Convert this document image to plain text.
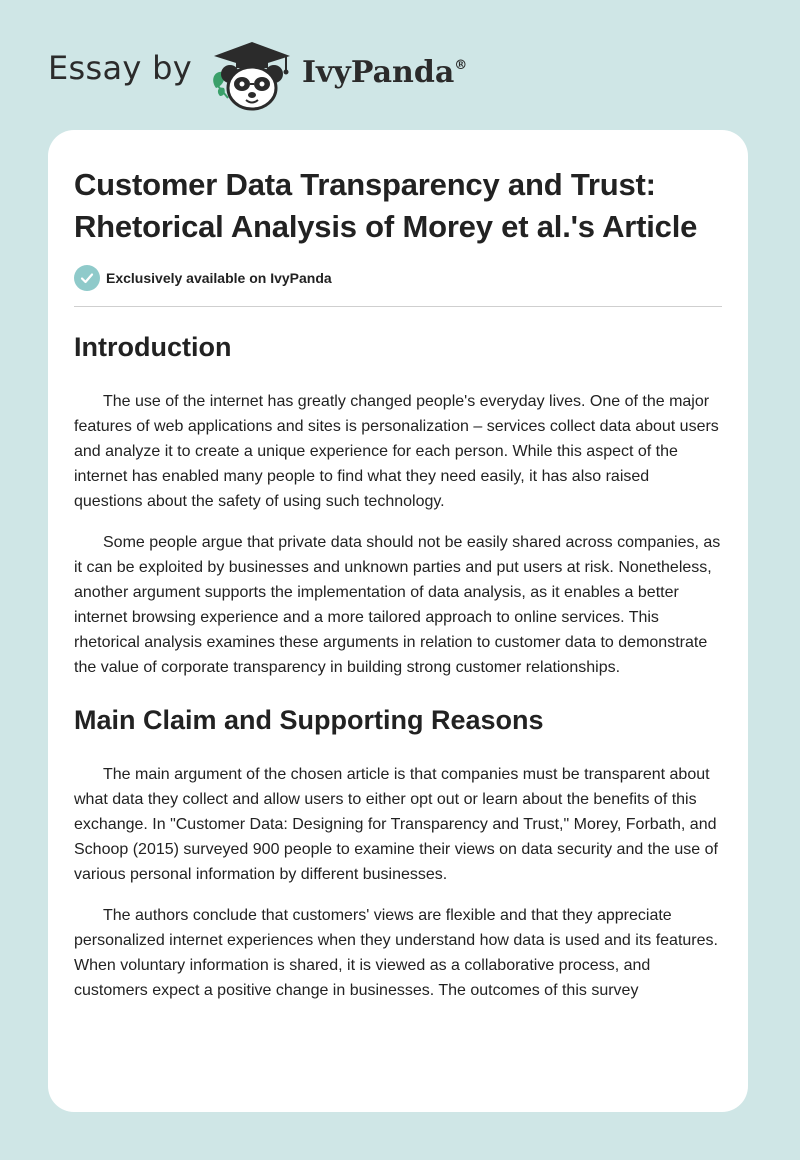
Essay by	IvyPanda®
Customer Data Transparency and Trust: Rhetorical Analysis of Morey et al.'s Article
Exclusively available on IvyPanda
Introduction

The use of the internet has greatly changed people's everyday lives. One of the major features of web applications and sites is personalization – services collect data about users and analyze it to create a unique experience for each person. While this aspect of the internet has enabled many people to find what they need easily, it has also raised questions about the safety of using such technology.

Some people argue that private data should not be easily shared across companies, as it can be exploited by businesses and unknown parties and put users at risk. Nonetheless, another argument supports the implementation of data analysis, as it enables a better internet browsing experience and a more tailored approach to online services. This rhetorical analysis examines these arguments in relation to customer data to demonstrate the value of corporate transparency in building strong customer relationships.

Main Claim and Supporting Reasons

The main argument of the chosen article is that companies must be transparent about what data they collect and allow users to either opt out or learn about the benefits of this exchange. In "Customer Data: Designing for Transparency and Trust," Morey, Forbath, and Schoop (2015) surveyed 900 people to examine their views on data security and the use of various personal information by different businesses.

The authors conclude that customers' views are flexible and that they appreciate personalized internet experiences when they understand how data is used and its features. When voluntary information is shared, it is viewed as a collaborative process, and customers expect a positive change in businesses. The outcomes of this survey
